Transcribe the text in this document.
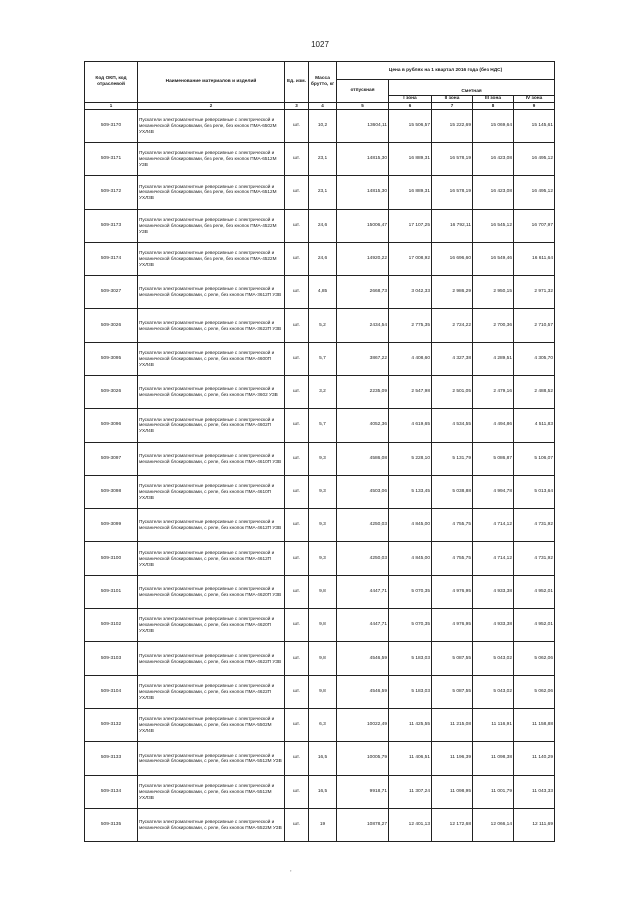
1027
Код ОКП, код отраслевой	Наименование материалов и изделий	Ед. изм.	Масса брутто, кг	Цена в рублях на 1 квартал 2016 года (без НДС)				
				отпускная				
					Сметная			
					I зона	II зона	III зона	IV зона
1	2	3	4	5	6	7	8	9
509-3170	Пускатели электромагнитные реверсивные с электрической и механической блокировками, без реле, без кнопок ПМА-6502М УХЛ4В	шт.	10,2	13604,11	15 506,57	15 222,69	15 069,64	15 145,61
509-3171	Пускатели электромагнитные реверсивные с электрической и механической блокировками, без реле, без кнопок ПМА-6512М УЗВ	шт.	23,1	14815,30	16 889,31	16 578,19	16 423,08	16 495,12
509-3172	Пускатели электромагнитные реверсивные с электрической и механической блокировками, без реле, без кнопок ПМА-6512М УХЛ3В	шт.	23,1	14815,30	16 889,31	16 578,19	16 423,08	16 495,12
509-3173	Пускатели электромагнитные реверсивные с электрической и механической блокировками, без реле, без кнопок ПМА-4522М УЗВ	шт.	24,6	15006,47	17 107,25	16 792,11	16 545,12	16 707,97
509-3174	Пускатели электромагнитные реверсивные с электрической и механической блокировками, без реле, без кнопок ПМА-4522М УХЛ3В	шт.	24,6	14920,22	17 008,92	16 696,60	16 549,46	16 611,64
509-3027	Пускатели электромагнитные реверсивные с электрической и механической блокировками, с реле, без кнопок ПМА-3612П УЗВ	шт.	4,85	2668,73	3 042,33	2 986,29	2 950,15	2 971,32
509-3026	Пускатели электромагнитные реверсивные с электрической и механической блокировками, с реле, без кнопок ПМА-3622П УЗВ	шт.	5,2	2434,54	2 775,35	2 724,22	2 700,36	2 710,57
509-3095	Пускатели электромагнитные реверсивные с электрической и механической блокировками, с реле, без кнопок ПМА-4600П УХЛ4В	шт.	5,7	3867,22	4 408,60	4 327,38	4 289,51	4 305,70
509-3026	Пускатели электромагнитные реверсивные с электрической и механической блокировками, с реле, без кнопок ПМА-3602 УЗВ	шт.	3,2	2235,09	2 547,98	2 501,05	2 479,16	2 488,52
509-3096	Пускатели электромагнитные реверсивные с электрической и механической блокировками, с реле, без кнопок ПМА-4602П УХЛ4В	шт.	5,7	4052,36	4 619,65	4 534,55	4 494,86	4 511,83
509-3097	Пускатели электромагнитные реверсивные с электрической и механической блокировками, с реле, без кнопок ПМА-4610П УЗВ	шт.	9,3	4586,08	5 228,10	5 131,79	5 086,87	5 106,07
509-3098	Пускатели электромагнитные реверсивные с электрической и механической блокировками, с реле, без кнопок ПМА-4610П УХЛ3В	шт.	9,3	4503,06	5 133,45	5 038,88	4 994,78	5 013,64
509-3099	Пускатели электромагнитные реверсивные с электрической и механической блокировками, с реле, без кнопок ПМА-4612П УЗВ	шт.	9,3	4250,03	4 845,00	4 755,75	4 714,12	4 731,92
509-3100	Пускатели электромагнитные реверсивные с электрической и механической блокировками, с реле, без кнопок ПМА-4612П УХЛ3В	шт.	9,3	4250,03	4 845,00	4 755,75	4 714,12	4 731,92
509-3101	Пускатели электромагнитные реверсивные с электрической и механической блокировками, с реле, без кнопок ПМА-4620П УЗВ	шт.	9,8	4447,71	5 070,35	4 976,95	4 933,38	4 952,01
509-3102	Пускатели электромагнитные реверсивные с электрической и механической блокировками, с реле, без кнопок ПМА-4620П УХЛ3В	шт.	9,8	4447,71	5 070,35	4 976,95	4 933,38	4 952,01
509-3103	Пускатели электромагнитные реверсивные с электрической и механической блокировками, с реле, без кнопок ПМА-4622П УЗВ	шт.	9,8	4546,59	5 183,03	5 087,55	5 043,02	5 062,06
509-3104	Пускатели электромагнитные реверсивные с электрической и механической блокировками, с реле, без кнопок ПМА-4622П УХЛ3В	шт.	9,8	4546,59	5 183,03	5 087,55	5 043,02	5 062,06
509-3132	Пускатели электромагнитные реверсивные с электрической и механической блокировками, с реле, без кнопок ПМА-5502М УХЛ4В	шт.	6,3	10022,49	11 425,55	11 215,08	11 116,91	11 158,88
509-3133	Пускатели электромагнитные реверсивные с электрической и механической блокировками, с реле, без кнопок ПМА-5512М УЗВ	шт.	16,5	10005,79	11 406,51	11 196,39	11 098,38	11 140,29
509-3134	Пускатели электромагнитные реверсивные с электрической и механической блокировками, с реле, без кнопок ПМА-5512М УХЛ3В	шт.	16,5	9918,71	11 307,24	11 098,95	11 001,79	11 043,33
509-3135	Пускатели электромагнитные реверсивные с электрической и механической блокировками, с реле, без кнопок ПМА-5522М УЗВ	шт.	19	10878,27	12 401,13	12 172,68	12 066,14	12 111,69
,
